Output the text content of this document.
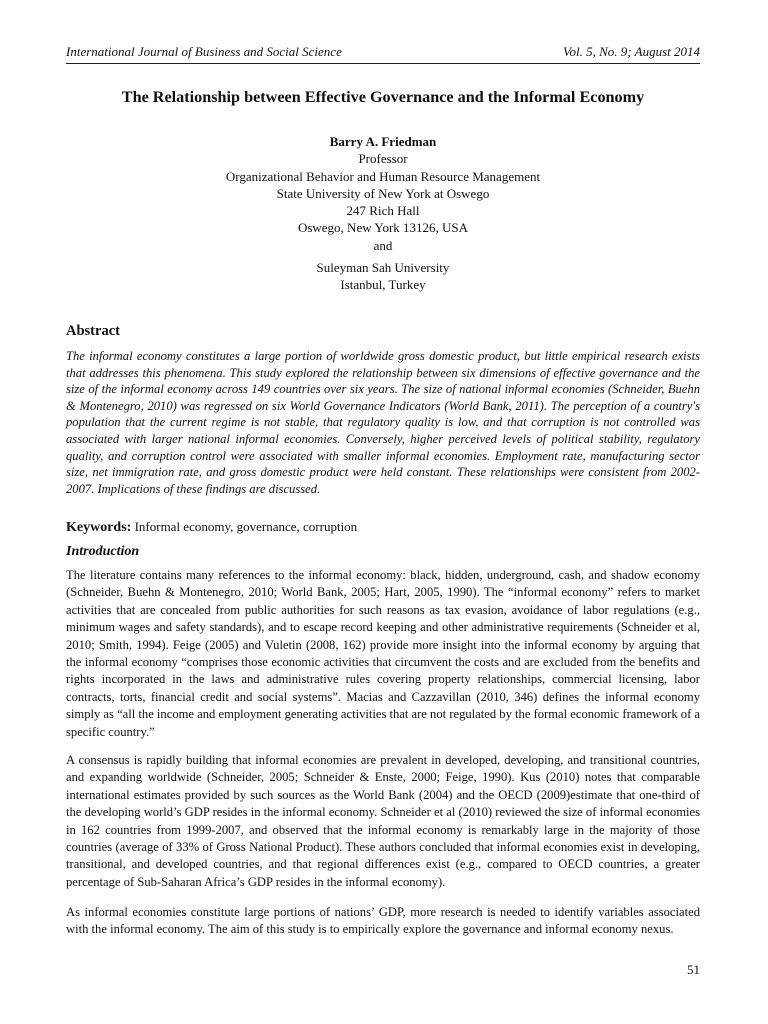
International Journal of Business and Social Science	Vol. 5, No. 9; August 2014
The Relationship between Effective Governance and the Informal Economy
Barry A. Friedman
Professor
Organizational Behavior and Human Resource Management
State University of New York at Oswego
247 Rich Hall
Oswego, New York 13126, USA
and
Suleyman Sah University
Istanbul, Turkey
Abstract
The informal economy constitutes a large portion of worldwide gross domestic product, but little empirical research exists that addresses this phenomena. This study explored the relationship between six dimensions of effective governance and the size of the informal economy across 149 countries over six years. The size of national informal economies (Schneider, Buehn & Montenegro, 2010) was regressed on six World Governance Indicators (World Bank, 2011). The perception of a country's population that the current regime is not stable, that regulatory quality is low, and that corruption is not controlled was associated with larger national informal economies. Conversely, higher perceived levels of political stability, regulatory quality, and corruption control were associated with smaller informal economies. Employment rate, manufacturing sector size, net immigration rate, and gross domestic product were held constant. These relationships were consistent from 2002-2007. Implications of these findings are discussed.
Keywords: Informal economy, governance, corruption
Introduction
The literature contains many references to the informal economy: black, hidden, underground, cash, and shadow economy (Schneider, Buehn & Montenegro, 2010; World Bank, 2005; Hart, 2005, 1990). The “informal economy” refers to market activities that are concealed from public authorities for such reasons as tax evasion, avoidance of labor regulations (e.g., minimum wages and safety standards), and to escape record keeping and other administrative requirements (Schneider et al, 2010; Smith, 1994). Feige (2005) and Vuletin (2008, 162) provide more insight into the informal economy by arguing that the informal economy “comprises those economic activities that circumvent the costs and are excluded from the benefits and rights incorporated in the laws and administrative rules covering property relationships, commercial licensing, labor contracts, torts, financial credit and social systems”. Macias and Cazzavillan (2010, 346) defines the informal economy simply as “all the income and employment generating activities that are not regulated by the formal economic framework of a specific country.”
A consensus is rapidly building that informal economies are prevalent in developed, developing, and transitional countries, and expanding worldwide (Schneider, 2005; Schneider & Enste, 2000; Feige, 1990). Kus (2010) notes that comparable international estimates provided by such sources as the World Bank (2004) and the OECD (2009)estimate that one-third of the developing world’s GDP resides in the informal economy. Schneider et al (2010) reviewed the size of informal economies in 162 countries from 1999-2007, and observed that the informal economy is remarkably large in the majority of those countries (average of 33% of Gross National Product). These authors concluded that informal economies exist in developing, transitional, and developed countries, and that regional differences exist (e.g., compared to OECD countries, a greater percentage of Sub-Saharan Africa’s GDP resides in the informal economy).
As informal economies constitute large portions of nations’ GDP, more research is needed to identify variables associated with the informal economy. The aim of this study is to empirically explore the governance and informal economy nexus.
51
